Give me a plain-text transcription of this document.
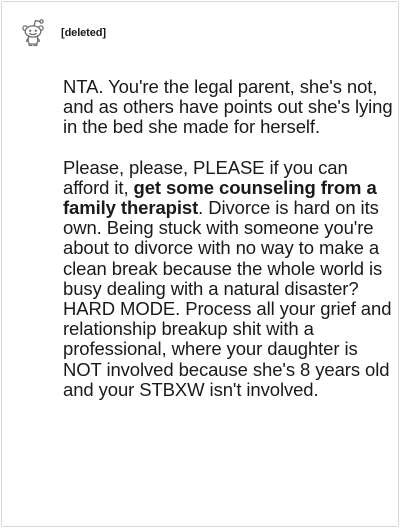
[deleted]

NTA. You're the legal parent, she's not, and as others have points out she's lying in the bed she made for herself.

Please, please, PLEASE if you can afford it, get some counseling from a family therapist. Divorce is hard on its own. Being stuck with someone you're about to divorce with no way to make a clean break because the whole world is busy dealing with a natural disaster? HARD MODE. Process all your grief and relationship breakup shit with a professional, where your daughter is NOT involved because she's 8 years old and your STBXW isn't involved.
